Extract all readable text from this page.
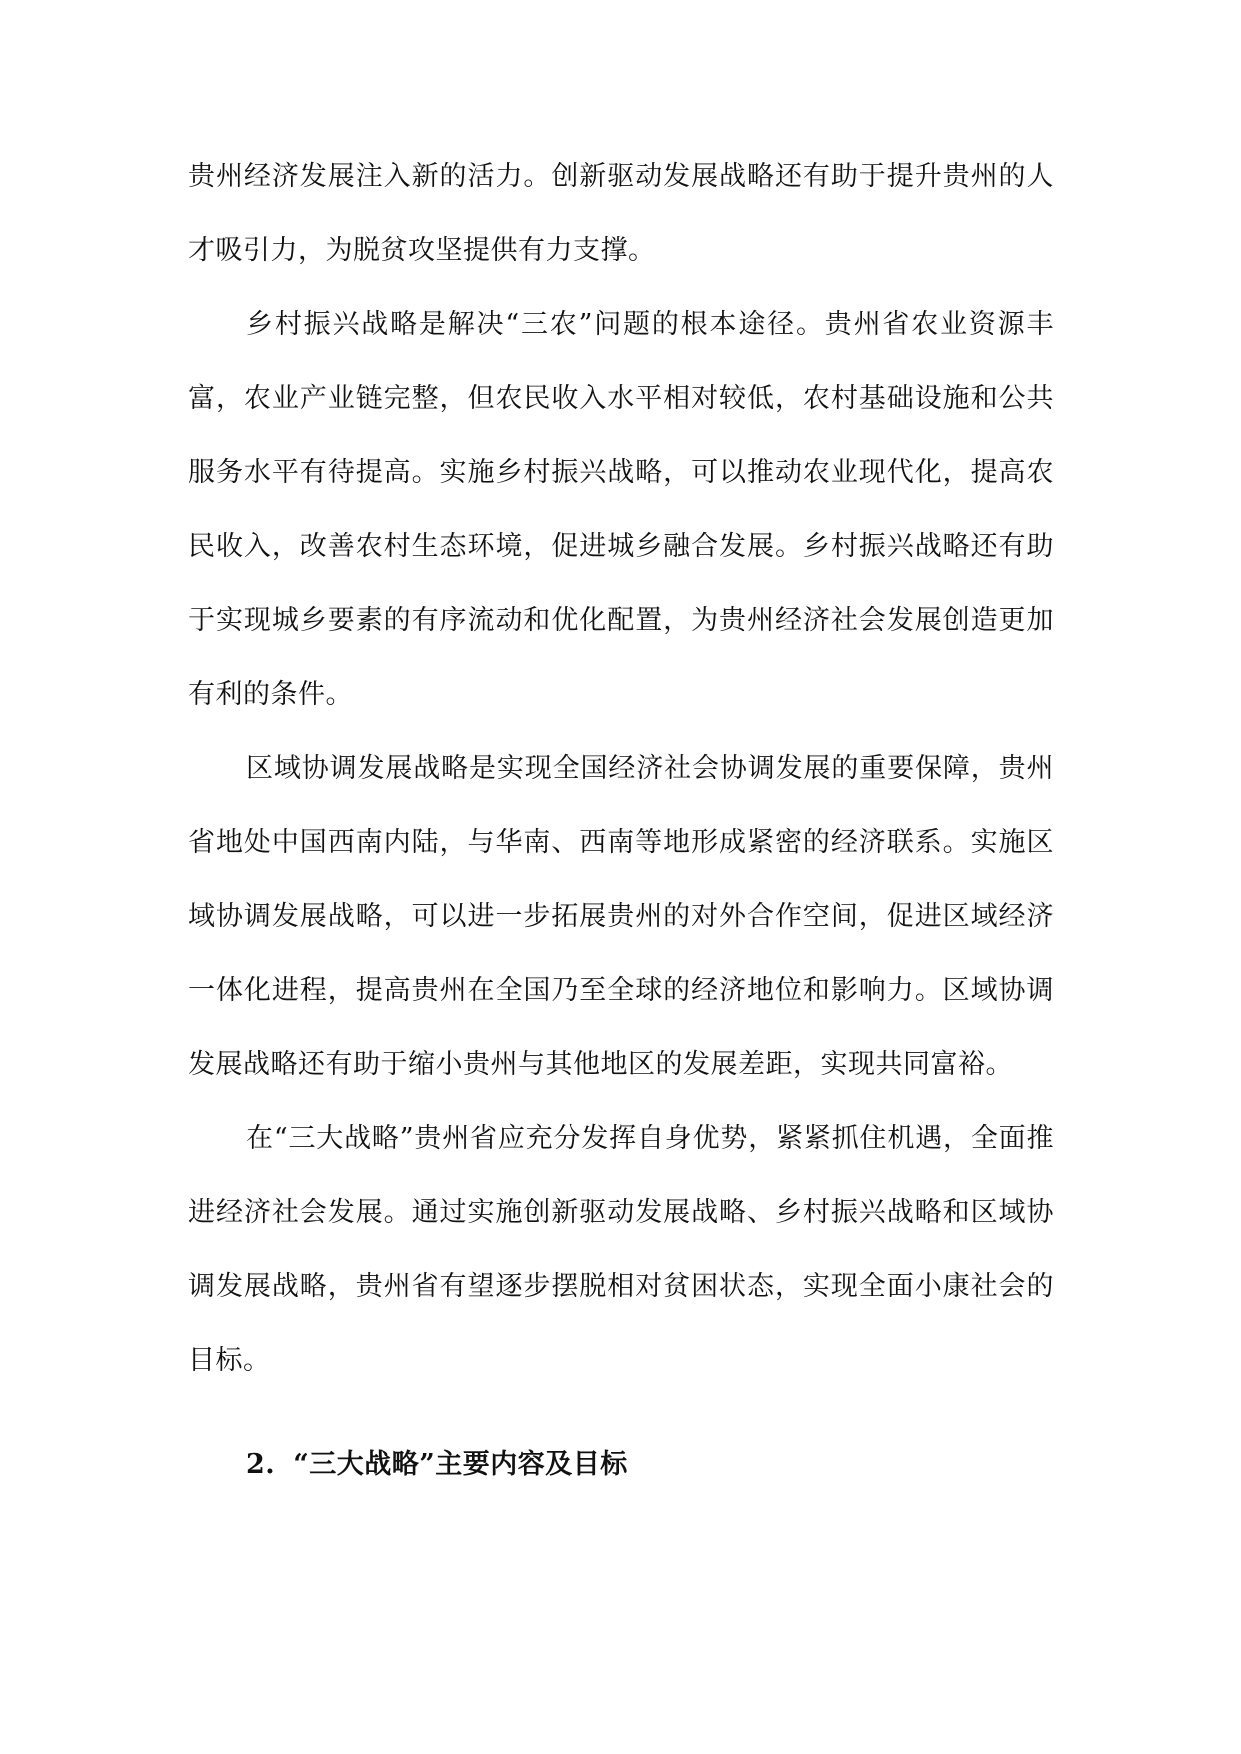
贵州经济发展注入新的活力。创新驱动发展战略还有助于提升贵州的人才吸引力，为脱贫攻坚提供有力支撑。

乡村振兴战略是解决“三农”问题的根本途径。贵州省农业资源丰富，农业产业链完整，但农民收入水平相对较低，农村基础设施和公共服务水平有待提高。实施乡村振兴战略，可以推动农业现代化，提高农民收入，改善农村生态环境，促进城乡融合发展。乡村振兴战略还有助于实现城乡要素的有序流动和优化配置，为贵州经济社会发展创造更加有利的条件。

区域协调发展战略是实现全国经济社会协调发展的重要保障，贵州省地处中国西南内陆，与华南、西南等地形成紧密的经济联系。实施区域协调发展战略，可以进一步拓展贵州的对外合作空间，促进区域经济一体化进程，提高贵州在全国乃至全球的经济地位和影响力。区域协调发展战略还有助于缩小贵州与其他地区的发展差距，实现共同富裕。

在“三大战略”贵州省应充分发挥自身优势，紧紧抓住机遇，全面推进经济社会发展。通过实施创新驱动发展战略、乡村振兴战略和区域协调发展战略，贵州省有望逐步摆脱相对贫困状态，实现全面小康社会的目标。

2. “三大战略”主要内容及目标
